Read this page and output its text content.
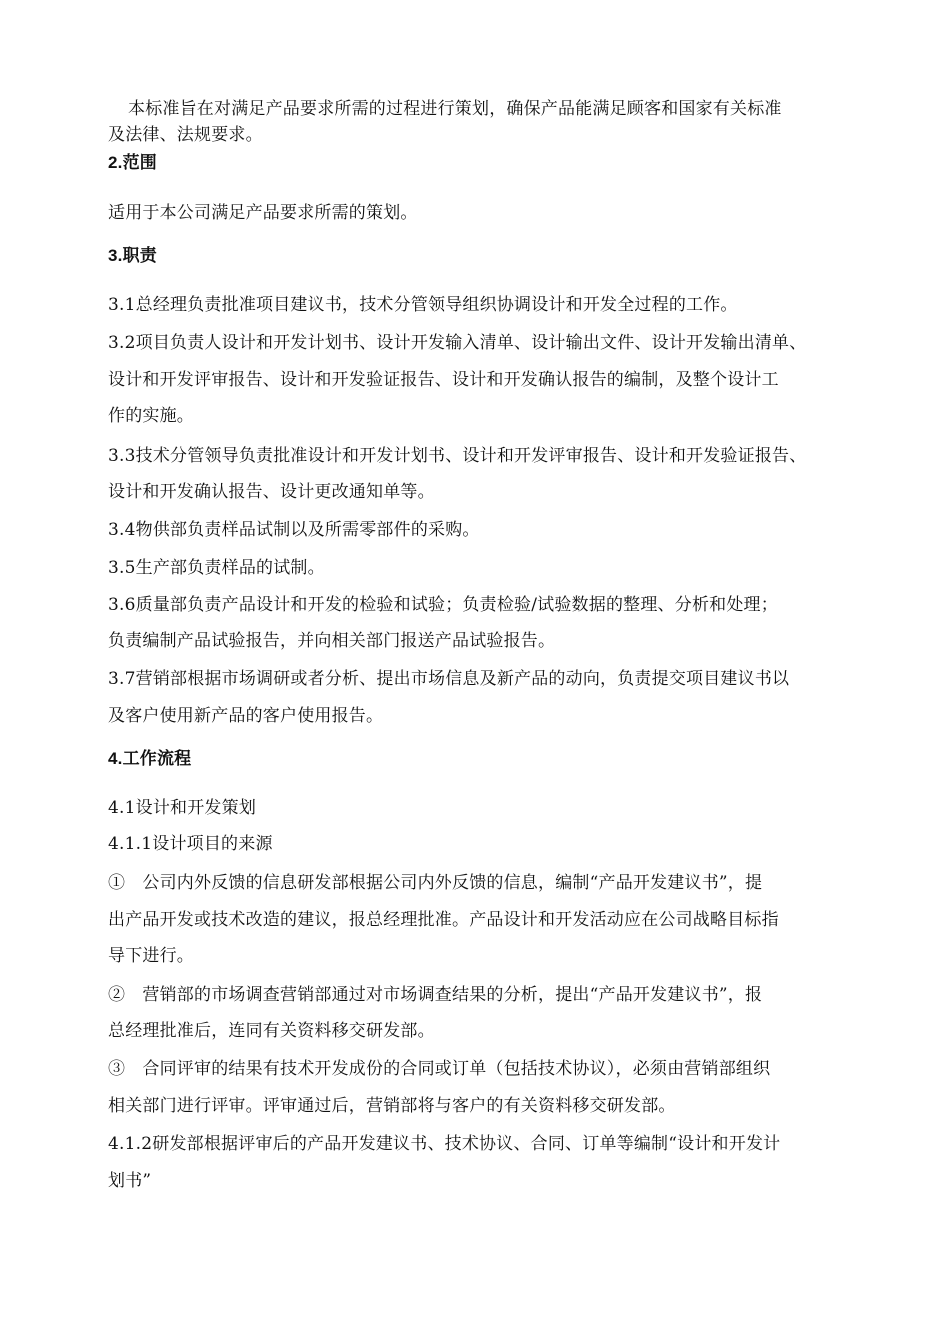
本标准旨在对满足产品要求所需的过程进行策划，确保产品能满足顾客和国家有关标准
及法律、法规要求。
2.范围
适用于本公司满足产品要求所需的策划。
3.职责
3.1总经理负责批准项目建议书，技术分管领导组织协调设计和开发全过程的工作。
3.2项目负责人设计和开发计划书、设计开发输入清单、设计输出文件、设计开发输出清单、
设计和开发评审报告、设计和开发验证报告、设计和开发确认报告的编制，及整个设计工
作的实施。
3.3技术分管领导负责批准设计和开发计划书、设计和开发评审报告、设计和开发验证报告、
设计和开发确认报告、设计更改通知单等。
3.4物供部负责样品试制以及所需零部件的采购。
3.5生产部负责样品的试制。
3.6质量部负责产品设计和开发的检验和试验；负责检验/试验数据的整理、分析和处理；
负责编制产品试验报告，并向相关部门报送产品试验报告。
3.7营销部根据市场调研或者分析、提出市场信息及新产品的动向，负责提交项目建议书以
及客户使用新产品的客户使用报告。
4.工作流程
4.1设计和开发策划
4.1.1设计项目的来源
①　公司内外反馈的信息研发部根据公司内外反馈的信息，编制“产品开发建议书”，提
出产品开发或技术改造的建议，报总经理批准。产品设计和开发活动应在公司战略目标指
导下进行。
②　营销部的市场调查营销部通过对市场调查结果的分析，提出“产品开发建议书”，报
总经理批准后，连同有关资料移交研发部。
③　合同评审的结果有技术开发成份的合同或订单（包括技术协议），必须由营销部组织
相关部门进行评审。评审通过后，营销部将与客户的有关资料移交研发部。
4.1.2研发部根据评审后的产品开发建议书、技术协议、合同、订单等编制“设计和开发计
划书”
